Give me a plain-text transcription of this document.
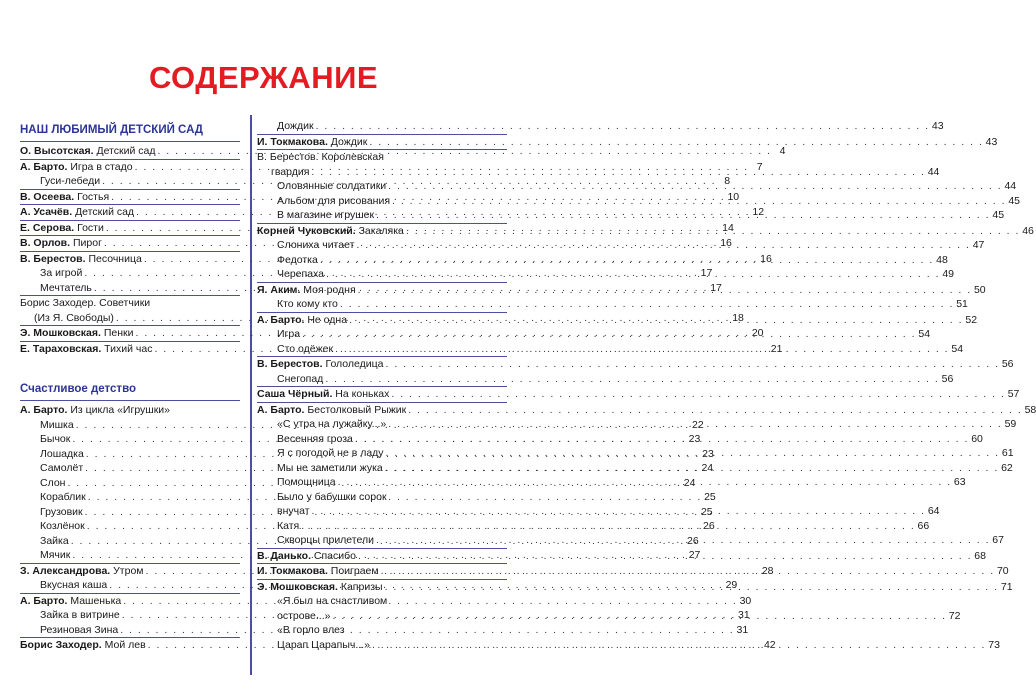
СОДЕРЖАНИЕ
НАШ ЛЮБИМЫЙ ДЕТСКИЙ САД
О. Высотская. Детский сад . . .	4
А. Барто. Игра в стадо . . .	7
Гуси-лебеди . . .	8
В. Осеева. Гостья . . .	10
А. Усачёв. Детский сад . . .	12
Е. Серова. Гости . . .	14
В. Орлов. Пирог . . .	16
В. Берестов. Песочница . . .	16
За игрой . . .	17
Мечтатель . . .	17
Борис Заходер. Советчики
(Из Я. Свободы) . . .	18
Э. Мошковская. Пенки . . .	20
Е. Тараховская. Тихий час . . .	21
Счастливое детство
А. Барто. Из цикла «Игрушки»
Мишка . . .	22
Бычок . . .	23
Лошадка . . .	23
Самолёт . . .	24
Слон . . .	24
Кораблик . . .	25
Грузовик . . .	25
Козлёнок . . .	26
Зайка . . .	26
Мячик . . .	27
З. Александрова. Утром . . .	28
Вкусная каша . . .	29
А. Барто. Машенька . . .	30
Зайка в витрине . . .	31
Резиновая Зина . . .	31
Борис Заходер. Мой лев . . .	42
Дождик . . .	43
И. Токмакова. Дождик . . .	43
В. Берестов. Королевская
гвардия . . .	44
Оловянные солдатики . . .	44
Альбом для рисования . . .	45
В магазине игрушек . . .	45
Корней Чуковский. Закаляка . . .	46
Слониха читает . . .	47
Федотка . . .	48
Черепаха . . .	49
Я. Аким. Моя родня . . .	50
Кто кому кто . . .	51
А. Барто. Не одна . . .	52
Игра . . .	54
Сто одёжек . . .	54
В. Берестов. Гололедица . . .	56
Снегопад . . .	56
Саша Чёрный. На коньках . . .	57
А. Барто. Бестолковый Рыжик . . .	58
«С утра на лужайку...» . . .	59
Весенняя гроза . . .	60
Я с погодой не в ладу . . .	61
Мы не заметили жука . . .	62
Помощница . . .	63
Было у бабушки сорок
внучат . . .	64
Катя . . .	66
Скворцы прилетели . . .	67
В. Данько. Спасибо . . .	68
И. Токмакова. Поиграем . . .	70
Э. Мошковская. Капризы . . .	71
«Я был на счастливом
острове...» . . .	72
«В горло влез
Царап Царапыч...» . . .	73
